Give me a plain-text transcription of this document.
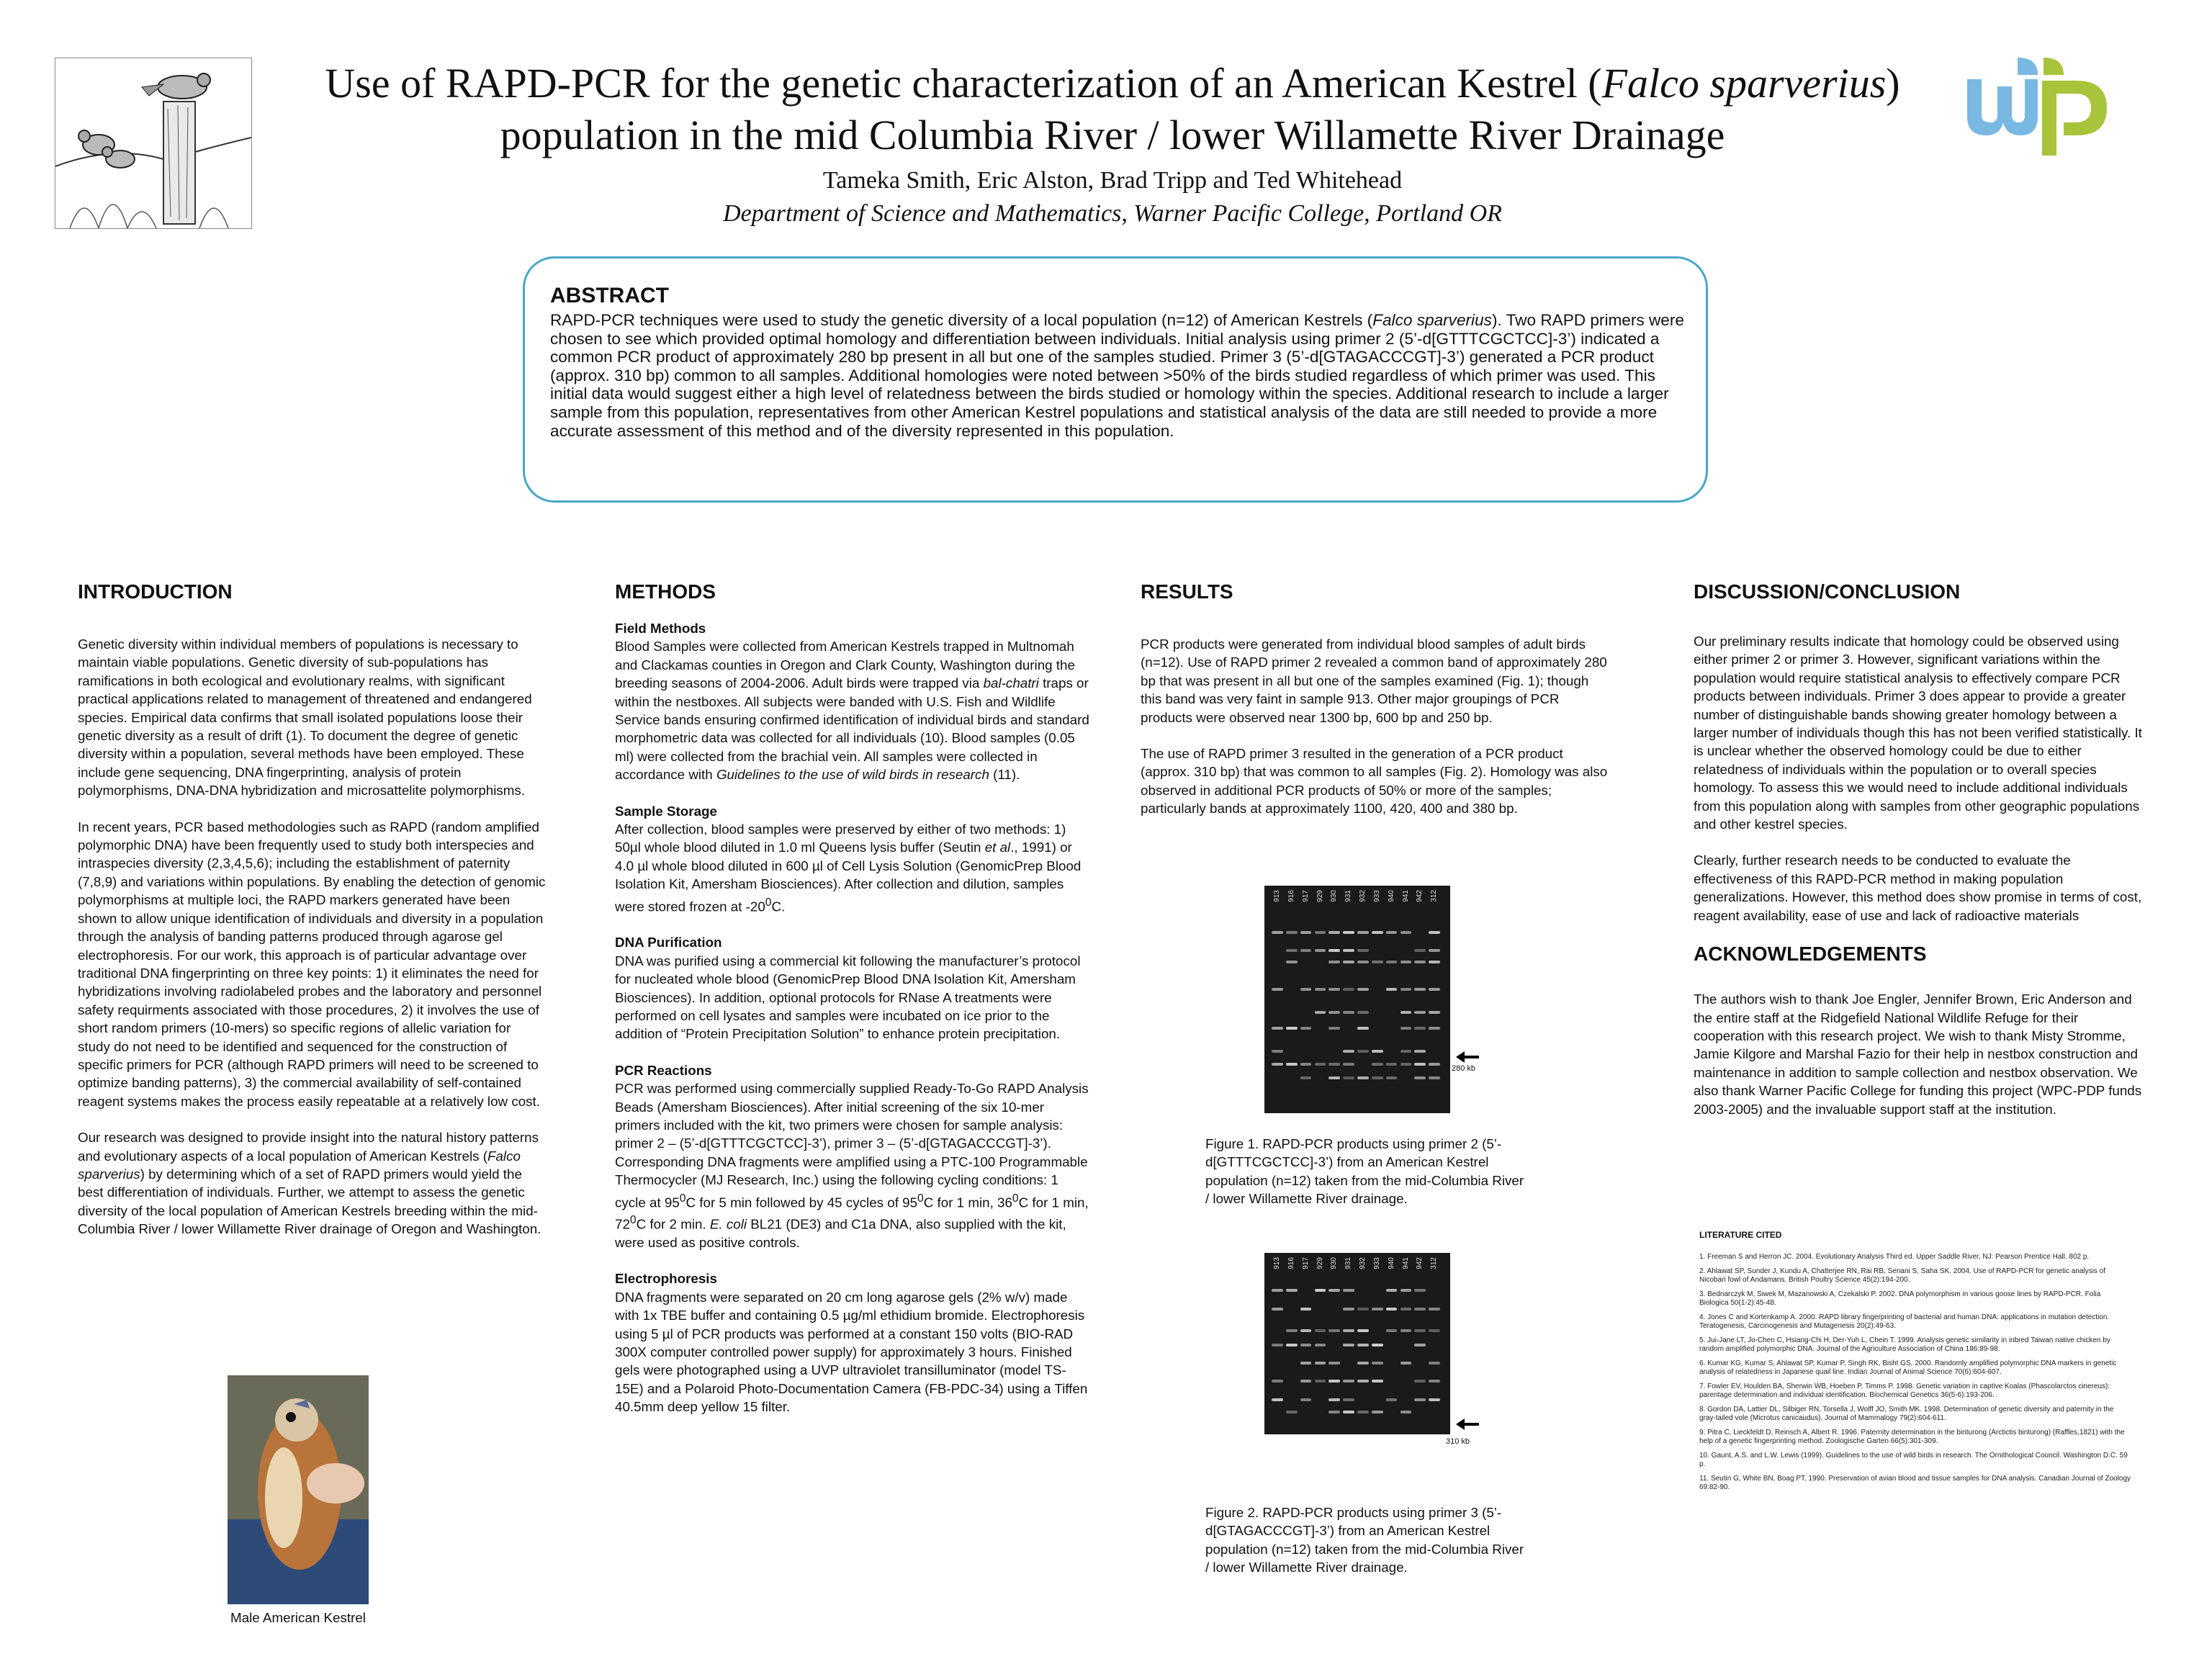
Use of RAPD-PCR for the genetic characterization of an American Kestrel (Falco sparverius)
population in the mid Columbia River / lower Willamette River Drainage
Tameka Smith, Eric Alston, Brad Tripp and Ted Whitehead
Department of Science and Mathematics, Warner Pacific College, Portland OR
ABSTRACT
RAPD-PCR techniques were used to study the genetic diversity of a local population (n=12) of American Kestrels (Falco sparverius). Two RAPD primers were chosen to see which provided optimal homology and differentiation between individuals. Initial analysis using primer 2 (5’-d[GTTTCGCTCC]-3’) indicated a common PCR product of approximately 280 bp present in all but one of the samples studied. Primer 3 (5’-d[GTAGACCCGT]-3’) generated a PCR product (approx. 310 bp) common to all samples. Additional homologies were noted between >50% of the birds studied regardless of which primer was used. This initial data would suggest either a high level of relatedness between the birds studied or homology within the species. Additional research to include a larger sample from this population, representatives from other American Kestrel populations and statistical analysis of the data are still needed to provide a more accurate assessment of this method and of the diversity represented in this population.
INTRODUCTION

Genetic diversity within individual members of populations is necessary to maintain viable populations. Genetic diversity of sub-populations has ramifications in both ecological and evolutionary realms, with significant practical applications related to management of threatened and endangered species. Empirical data confirms that small isolated populations loose their genetic diversity as a result of drift (1). To document the degree of genetic diversity within a population, several methods have been employed. These include gene sequencing, DNA fingerprinting, analysis of protein polymorphisms, DNA-DNA hybridization and microsattelite polymorphisms.

In recent years, PCR based methodologies such as RAPD (random amplified polymorphic DNA) have been frequently used to study both interspecies and intraspecies diversity (2,3,4,5,6); including the establishment of paternity (7,8,9) and variations within populations. By enabling the detection of genomic polymorphisms at multiple loci, the RAPD markers generated have been shown to allow unique identification of individuals and diversity in a population through the analysis of banding patterns produced through agarose gel electrophoresis. For our work, this approach is of particular advantage over traditional DNA fingerprinting on three key points: 1) it eliminates the need for hybridizations involving radiolabeled probes and the laboratory and personnel safety requirments associated with those procedures, 2) it involves the use of short random primers (10-mers) so specific regions of allelic variation for study do not need to be identified and sequenced for the construction of specific primers for PCR (although RAPD primers will need to be screened to optimize banding patterns), 3) the commercial availability of self-contained reagent systems makes the process easily repeatable at a relatively low cost.

Our research was designed to provide insight into the natural history patterns and evolutionary aspects of a local population of American Kestrels (Falco sparverius) by determining which of a set of RAPD primers would yield the best differentiation of individuals. Further, we attempt to assess the genetic diversity of the local population of American Kestrels breeding within the mid-Columbia River / lower Willamette River drainage of Oregon and Washington.

Male American Kestrel
METHODS
Field Methods

Blood Samples were collected from American Kestrels trapped in Multnomah and Clackamas counties in Oregon and Clark County, Washington during the breeding seasons of 2004-2006. Adult birds were trapped via bal-chatri traps or within the nestboxes. All subjects were banded with U.S. Fish and Wildlife Service bands ensuring confirmed identification of individual birds and standard morphometric data was collected for all individuals (10). Blood samples (0.05 ml) were collected from the brachial vein. All samples were collected in accordance with Guidelines to the use of wild birds in research (11).

Sample Storage

After collection, blood samples were preserved by either of two methods: 1) 50µl whole blood diluted in 1.0 ml Queens lysis buffer (Seutin et al., 1991) or 4.0 µl whole blood diluted in 600 µl of Cell Lysis Solution (GenomicPrep Blood Isolation Kit, Amersham Biosciences). After collection and dilution, samples were stored frozen at $-20^0C$.

DNA Purification

DNA was purified using a commercial kit following the manufacturer’s protocol for nucleated whole blood (GenomicPrep Blood DNA Isolation Kit, Amersham Biosciences). In addition, optional protocols for RNase A treatments were performed on cell lysates and samples were incubated on ice prior to the addition of “Protein Precipitation Solution” to enhance protein precipitation.

PCR Reactions

PCR was performed using commercially supplied Ready-To-Go RAPD Analysis Beads (Amersham Biosciences). After initial screening of the six 10-mer primers included with the kit, two primers were chosen for sample analysis: primer 2 – (5’-d[GTTTCGCTCC]-3’), primer 3 – (5’-d[GTAGACCCGT]-3’). Corresponding DNA fragments were amplified using a PTC-100 Programmable Thermocycler (MJ Research, Inc.) using the following cycling conditions: 1 cycle at $95^0C$ for 5 min followed by 45 cycles of $95^0C$ for 1 min, $36^0C$ for 1 min, $72^0C$ for 2 min. E. coli BL21 (DE3) and C1a DNA, also supplied with the kit, were used as positive controls.

Electrophoresis

DNA fragments were separated on 20 cm long agarose gels (2% w/v) made with 1x TBE buffer and containing 0.5 µg/ml ethidium bromide. Electrophoresis using 5 µl of PCR products was performed at a constant 150 volts (BIO-RAD 300X computer controlled power supply) for approximately 3 hours. Finished gels were photographed using a UVP ultraviolet transilluminator (model TS-15E) and a Polaroid Photo-Documentation Camera (FB-PDC-34) using a Tiffen 40.5mm deep yellow 15 filter.

RESULTS

PCR products were generated from individual blood samples of adult birds (n=12). Use of RAPD primer 2 revealed a common band of approximately 280 bp that was present in all but one of the samples examined (Fig. 1); though this band was very faint in sample 913. Other major groupings of PCR products were observed near 1300 bp, 600 bp and 250 bp.

The use of RAPD primer 3 resulted in the generation of a PCR product (approx. 310 bp) that was common to all samples (Fig. 2). Homology was also observed in additional PCR products of 50% or more of the samples; particularly bands at approximately 1100, 420, 400 and 380 bp.

913 916 917 929 930 931 932 933 940 941 942 312
280 kb
Figure 1. RAPD-PCR products using primer 2 (5’-d[GTTTCGCTCC]-3’) from an American Kestrel population (n=12) taken from the mid-Columbia River / lower Willamette River drainage.
913 916 917 929 930 931 932 933 940 941 942 312
310 kb
Figure 2. RAPD-PCR products using primer 3 (5’-d[GTAGACCCGT]-3’) from an American Kestrel population (n=12) taken from the mid-Columbia River / lower Willamette River drainage.
DISCUSSION/CONCLUSION

Our preliminary results indicate that homology could be observed using either primer 2 or primer 3. However, significant variations within the population would require statistical analysis to effectively compare PCR products between individuals. Primer 3 does appear to provide a greater number of distinguishable bands showing greater homology between a larger number of individuals though this has not been verified statistically. It is unclear whether the observed homology could be due to either relatedness of individuals within the population or to overall species homology. To assess this we would need to include additional individuals from this population along with samples from other geographic populations and other kestrel species.

Clearly, further research needs to be conducted to evaluate the effectiveness of this RAPD-PCR method in making population generalizations. However, this method does show promise in terms of cost, reagent availability, ease of use and lack of radioactive materials

ACKNOWLEDGEMENTS

The authors wish to thank Joe Engler, Jennifer Brown, Eric Anderson and the entire staff at the Ridgefield National Wildlife Refuge for their cooperation with this research project. We wish to thank Misty Stromme, Jamie Kilgore and Marshal Fazio for their help in nestbox construction and maintenance in addition to sample collection and nestbox observation. We also thank Warner Pacific College for funding this project (WPC-PDP funds 2003-2005) and the invaluable support staff at the institution.

LITERATURE CITED
1. Freeman S and Herron JC. 2004. Evolutionary Analysis Third ed. Upper Saddle River, NJ: Pearson Prentice Hall. 802 p.
2. Ahlawat SP, Sunder J, Kundu A, Chatterjee RN, Rai RB, Senani S, Saha SK. 2004. Use of RAPD-PCR for genetic analysis of Nicobari fowl of Andamans. British Poultry Science 45(2):194-200.
3. Bednarczyk M, Siwek M, Mazanowski A, Czekalski P. 2002. DNA polymorphism in various goose lines by RAPD-PCR. Folia Biologica 50(1-2):45-48.
4. Jones C and Kortenkamp A. 2000. RAPD library fingerprinting of bacterial and human DNA: applications in mutation detection. Teratogenesis, Carcinogenesis and Mutagenesis 20(2):49-63.
5. Jui-Jane LT, Jo-Chen C, Hsiang-Chi H, Der-Yuh L, Chein T. 1999. Analysis genetic similarity in inbred Taiwan native chicken by random amplified polymorphic DNA. Journal of the Agriculture Association of China 186:89-98.
6. Kumar KG, Kumar S, Ahlawat SP, Kumar P, Singh RK, Bisht GS. 2000. Randomly amplified polymorphic DNA markers in genetic analysis of relatedness in Japanese quail line. Indian Journal of Animal Science 70(6):604-607.
7. Fowler EV, Houlden BA, Sherwin WB, Hoeben P, Timms P. 1998. Genetic variation in captive Koalas (Phascolarctos cinereus): parentage determination and individual identification. Biochemical Genetics 36(5-6):193-206.
8. Gordon DA, Lattier DL, Silbiger RN, Torsella J, Wolff JO, Smith MK. 1998. Determination of genetic diversity and paternity in the gray-tailed vole (Microtus canicaudus). Journal of Mammalogy 79(2):604-611.
9. Pitra C, Lieckfeldt D, Reinsch A, Albert R. 1996. Paternity determination in the binturong (Arctictis binturong) (Raffles,1821) with the help of a genetic fingerprinting method. Zoologische Garten 66(5):301-309.
10. Gaunt, A.S. and L.W. Lewis (1999). Guidelines to the use of wild birds in research. The Ornithological Council. Washington D.C. 59 p.
11. Seutin G, White BN, Boag PT. 1990. Preservation of avian blood and tissue samples for DNA analysis. Canadian Journal of Zoology 69:82-90.
